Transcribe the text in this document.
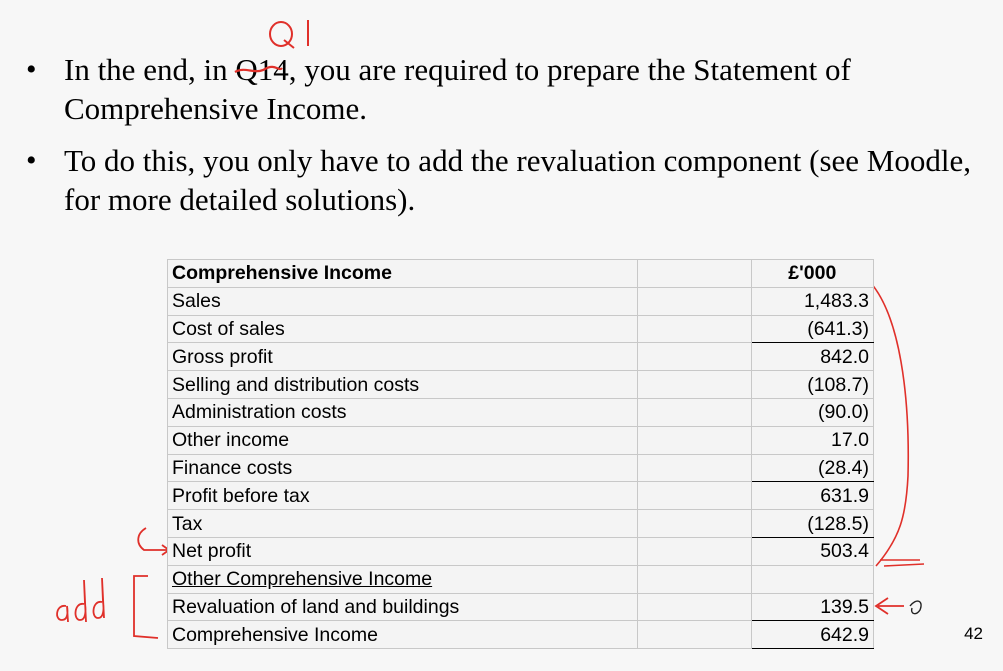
• In the end, in Q14
, you are required to prepare the Statement of Comprehensive Income.
• To do this, you only have to add the revaluation component (see Moodle, for more detailed solutions).
Comprehensive Income		£'000
Sales		1,483.3
Cost of sales		(641.3)
Gross profit		842.0
Selling and distribution costs		(108.7)
Administration costs		(90.0)
Other income		17.0
Finance costs		(28.4)
Profit before tax		631.9
Tax		(128.5)
Net profit		503.4
Other Comprehensive Income		
Revaluation of land and buildings		139.5
Comprehensive Income		642.9	42
